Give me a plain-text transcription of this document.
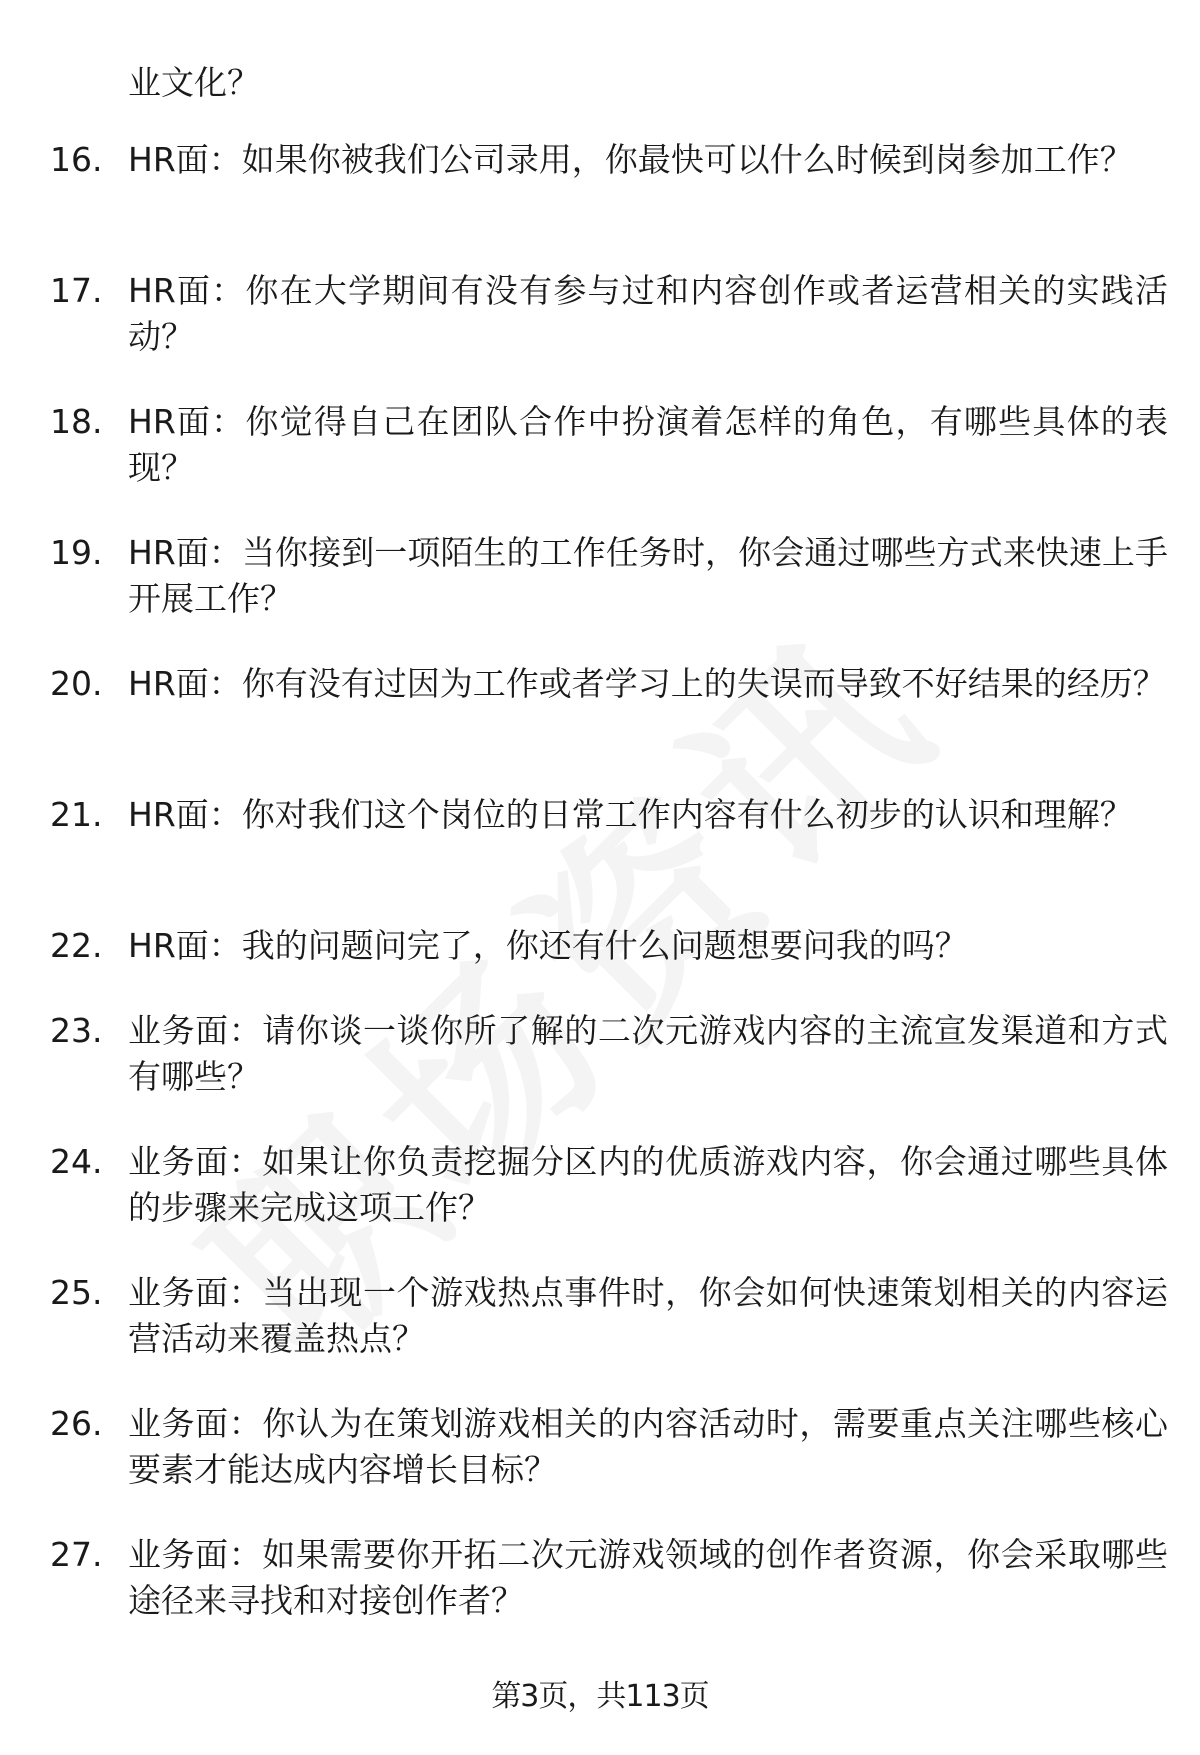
业文化？

16. HR面：如果你被我们公司录用，你最快可以什么时候到岗参加工作？
17. HR面：你在大学期间有没有参与过和内容创作或者运营相关的实践活动？
18. HR面：你觉得自己在团队合作中扮演着怎样的角色，有哪些具体的表现？
19. HR面：当你接到一项陌生的工作任务时，你会通过哪些方式来快速上手开展工作？
20. HR面：你有没有过因为工作或者学习上的失误而导致不好结果的经历？
21. HR面：你对我们这个岗位的日常工作内容有什么初步的认识和理解？
22. HR面：我的问题问完了，你还有什么问题想要问我的吗？
23. 业务面：请你谈一谈你所了解的二次元游戏内容的主流宣发渠道和方式有哪些？
24. 业务面：如果让你负责挖掘分区内的优质游戏内容，你会通过哪些具体的步骤来完成这项工作？
25. 业务面：当出现一个游戏热点事件时，你会如何快速策划相关的内容运营活动来覆盖热点？
26. 业务面：你认为在策划游戏相关的内容活动时，需要重点关注哪些核心要素才能达成内容增长目标？
27. 业务面：如果需要你开拓二次元游戏领域的创作者资源，你会采取哪些途径来寻找和对接创作者？
第3页，共113页
